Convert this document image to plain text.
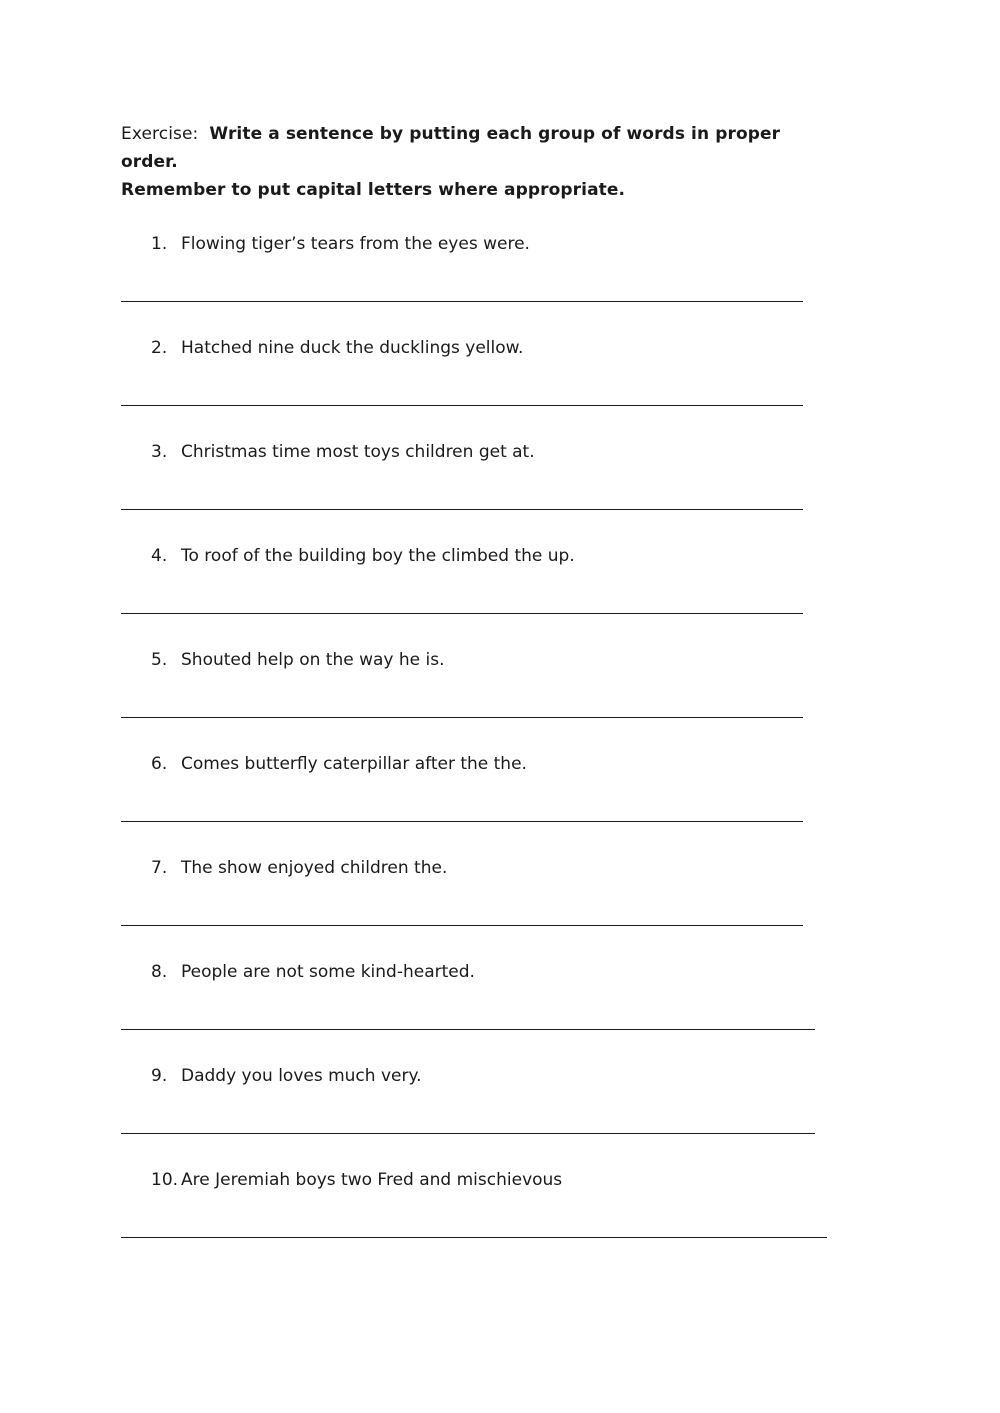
Exercise: Write a sentence by putting each group of words in proper order.
Remember to put capital letters where appropriate.
1. Flowing tiger’s tears from the eyes were.
2. Hatched nine duck the ducklings yellow.
3. Christmas time most toys children get at.
4. To roof of the building boy the climbed the up.
5. Shouted help on the way he is.
6. Comes butterfly caterpillar after the the.
7. The show enjoyed children the.
8. People are not some kind-hearted.
9. Daddy you loves much very.
10. Are Jeremiah boys two Fred and mischievous
